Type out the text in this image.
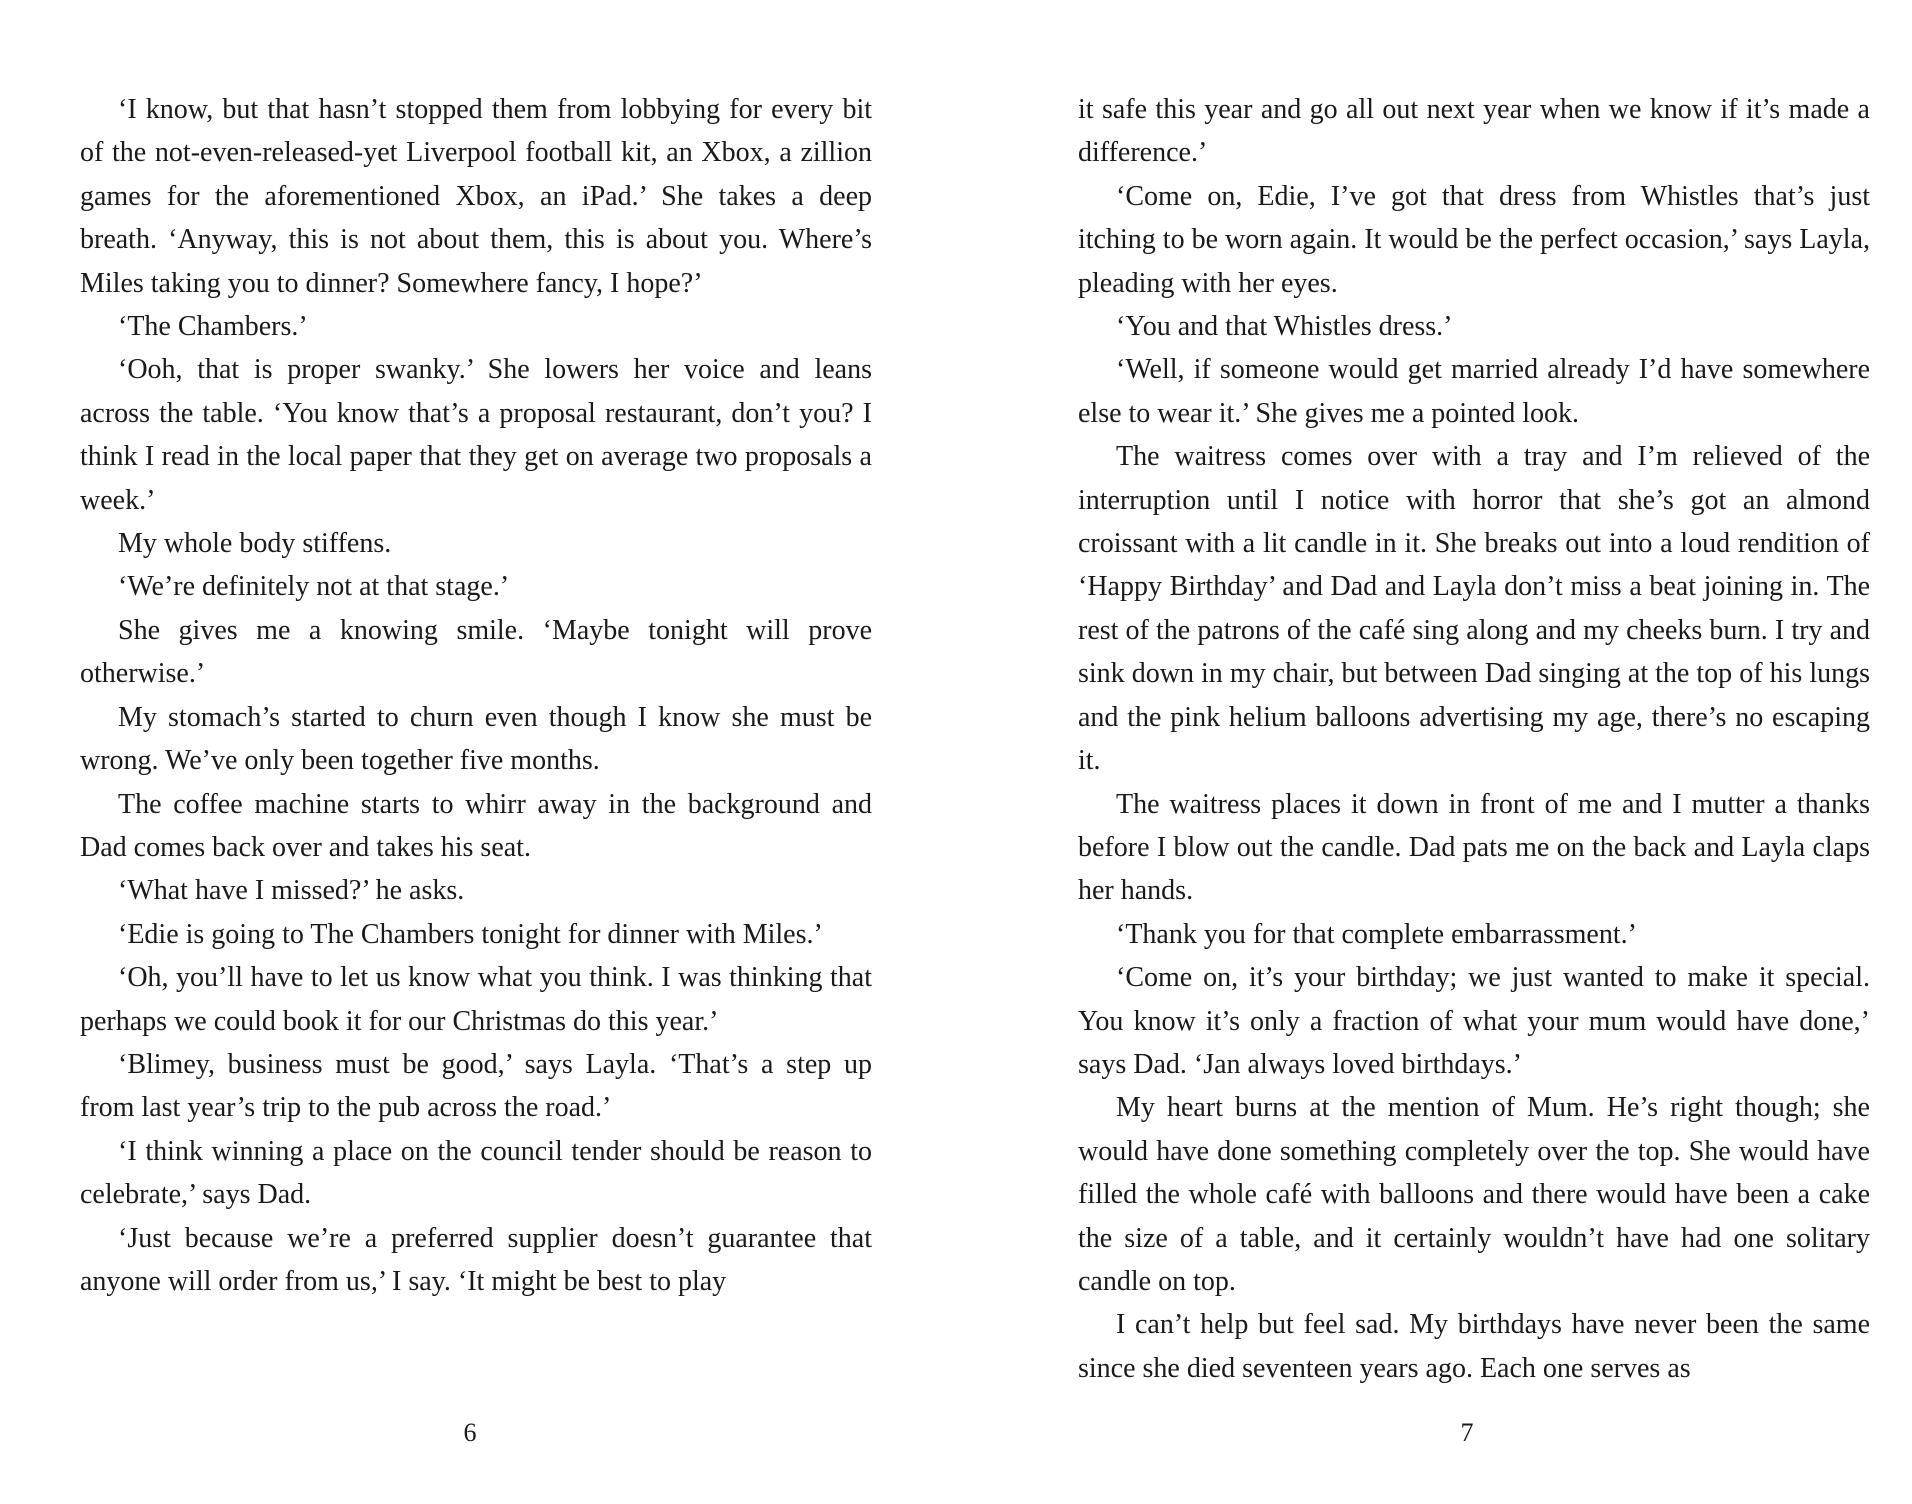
‘I know, but that hasn’t stopped them from lobbying for every bit of the not-even-released-yet Liverpool football kit, an Xbox, a zillion games for the aforementioned Xbox, an iPad.’ She takes a deep breath. ‘Anyway, this is not about them, this is about you. Where’s Miles taking you to dinner? Somewhere fancy, I hope?’

‘The Chambers.’

‘Ooh, that is proper swanky.’ She lowers her voice and leans across the table. ‘You know that’s a proposal restaurant, don’t you? I think I read in the local paper that they get on average two proposals a week.’

My whole body stiffens.

‘We’re definitely not at that stage.’

She gives me a knowing smile. ‘Maybe tonight will prove otherwise.’

My stomach’s started to churn even though I know she must be wrong. We’ve only been together five months.

The coffee machine starts to whirr away in the background and Dad comes back over and takes his seat.

‘What have I missed?’ he asks.

‘Edie is going to The Chambers tonight for dinner with Miles.’

‘Oh, you’ll have to let us know what you think. I was thinking that perhaps we could book it for our Christmas do this year.’

‘Blimey, business must be good,’ says Layla. ‘That’s a step up from last year’s trip to the pub across the road.’

‘I think winning a place on the council tender should be reason to celebrate,’ says Dad.

‘Just because we’re a preferred supplier doesn’t guarantee that anyone will order from us,’ I say. ‘It might be best to play

6

it safe this year and go all out next year when we know if it’s made a difference.’

‘Come on, Edie, I’ve got that dress from Whistles that’s just itching to be worn again. It would be the perfect occasion,’ says Layla, pleading with her eyes.

‘You and that Whistles dress.’

‘Well, if someone would get married already I’d have somewhere else to wear it.’ She gives me a pointed look.

The waitress comes over with a tray and I’m relieved of the interruption until I notice with horror that she’s got an almond croissant with a lit candle in it. She breaks out into a loud rendition of ‘Happy Birthday’ and Dad and Layla don’t miss a beat joining in. The rest of the patrons of the café sing along and my cheeks burn. I try and sink down in my chair, but between Dad singing at the top of his lungs and the pink helium balloons advertising my age, there’s no escaping it.

The waitress places it down in front of me and I mutter a thanks before I blow out the candle. Dad pats me on the back and Layla claps her hands.

‘Thank you for that complete embarrassment.’

‘Come on, it’s your birthday; we just wanted to make it special. You know it’s only a fraction of what your mum would have done,’ says Dad. ‘Jan always loved birthdays.’

My heart burns at the mention of Mum. He’s right though; she would have done something completely over the top. She would have filled the whole café with balloons and there would have been a cake the size of a table, and it certainly wouldn’t have had one solitary candle on top.

I can’t help but feel sad. My birthdays have never been the same since she died seventeen years ago. Each one serves as

7
